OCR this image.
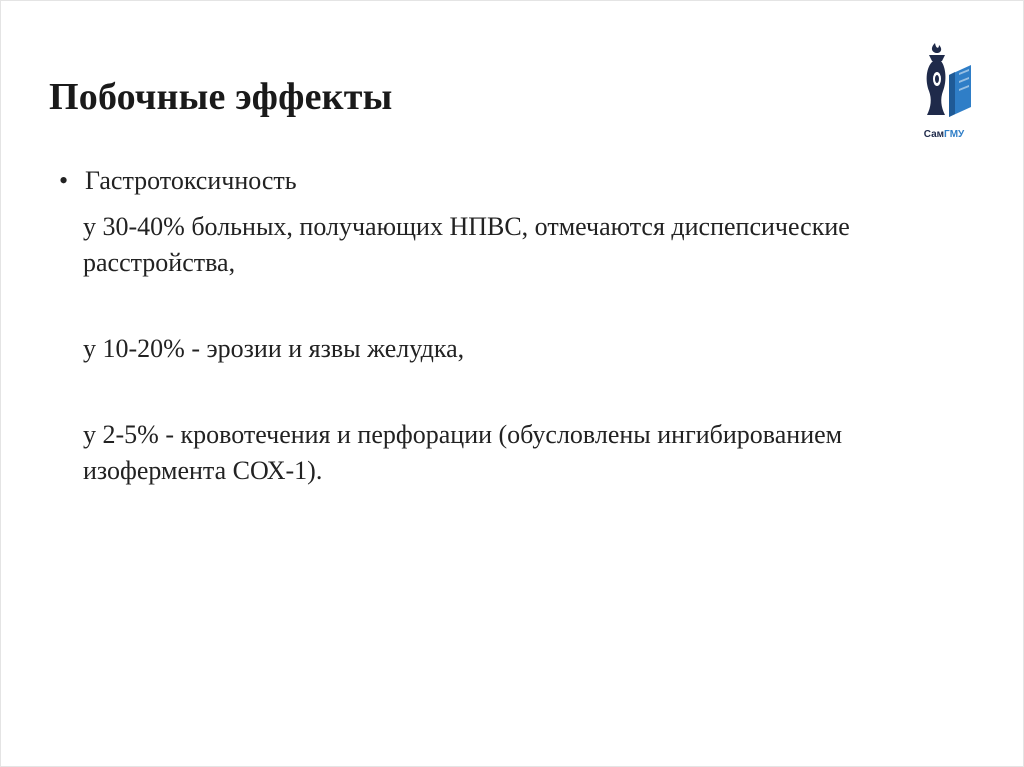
Побочные эффекты
СамГМУ
• Гастротоксичность
у 30-40% больных, получающих НПВС, отмечаются диспепсические расстройства,
у 10-20% - эрозии и язвы желудка,
у 2-5% - кровотечения и перфорации (обусловлены ингибированием изофермента СОХ-1).
